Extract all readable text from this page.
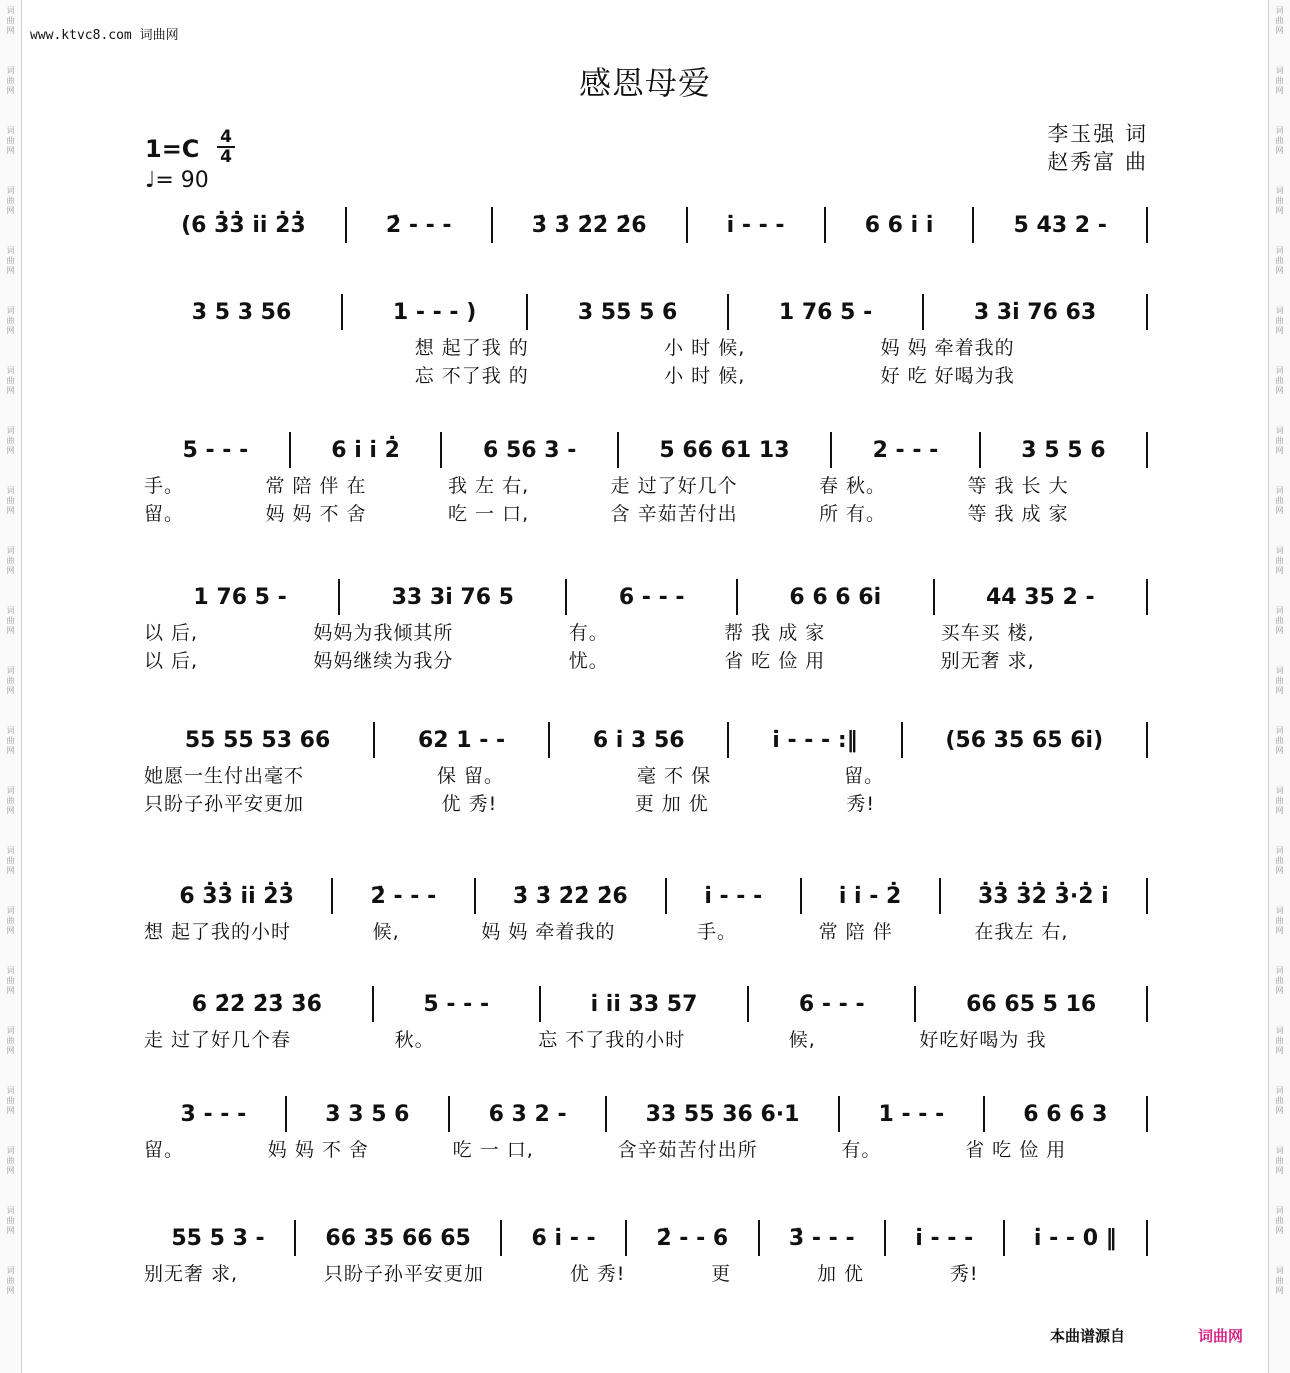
词
曲
网
词
曲
网
词
曲
网
词
曲
网
词
曲
网
词
曲
网
词
曲
网
词
曲
网
词
曲
网
词
曲
网
词
曲
网
词
曲
网
词
曲
网
词
曲
网
词
曲
网
词
曲
网
词
曲
网
词
曲
网
词
曲
网
词
曲
网
词
曲
网
词
曲
网
词
曲
网
词
曲
网
词
曲
网
词
曲
网
词
曲
网
词
曲
网
词
曲
网
词
曲
网
词
曲
网
词
曲
网
词
曲
网
词
曲
网
词
曲
网
词
曲
网
词
曲
网
词
曲
网
词
曲
网
词
曲
网
词
曲
网
词
曲
网
词
曲
网
词
曲
网
www.ktvc8.com 词曲网
感恩母爱
1=C 4
4
♩= 90
李玉强 词
赵秀富 曲
(6 3̇3̇ i̇i̇ 2̇3̇	2̇ - - -	3̇ 3̇ 2̇2̇ 2̇6	i̇ - - -	6 6 i̇ i̇	5 43 2 -
3 5 3 56	1 - - - )	3 55 5 6	1 76 5 -	3 3i̇ 76 63
想 起了我 的	小 时 候,	妈 妈 牵着我的
忘 不了我 的	小 时 候,	好 吃 好喝为我
5 - - -	6 i̇ i̇ 2̇	6 56 3 -	5 66 61 13	2 - - -	3 5 5 6
手。	常 陪 伴 在	我 左 右,	走 过了好几个	春 秋。	等 我 长 大
留。	妈 妈 不 舍	吃 一 口,	含 辛茹苦付出	所 有。	等 我 成 家
1 76 5 -	33 3i̇ 76 5	6 - - -	6 6 6 6i̇	44 35 2 -
以 后,	妈妈为我倾其所	有。	帮 我 成 家	买车买 楼,
以 后,	妈妈继续为我分	忧。	省 吃 俭 用	别无奢 求,
55 55 53 66	62 1 - -	6 i̇ 3 56	i̇ - - - :‖	(56 35 65 6i̇)
她愿一生付出毫不	保 留。	毫 不 保	留。
只盼子孙平安更加	优 秀!	更 加 优	秀!
6 3̇3̇ i̇i̇ 2̇3̇	2̇ - - -	3̇ 3̇ 2̇2̇ 2̇6	i̇ - - -	i̇ i̇ - 2̇	3̇3̇ 3̇2̇ 3̇·2̇ i̇
想 起了我的小时	候,	妈 妈 牵着我的	手。	常 陪 伴	在我左 右,
6 2̇2̇ 2̇3̇ 3̇6̇	5 - - -	i̇ i̇i̇ 33 57	6 - - -	66 65 5 16
走 过了好几个春	秋。	忘 不了我的小时	候,	好吃好喝为 我
3 - - -	3 3 5 6	6 3 2 -	33 55 36 6·1	1 - - -	6 6 6 3
留。	妈 妈 不 舍	吃 一 口,	含辛茹苦付出所	有。	省 吃 俭 用
55 5 3 -	66 35 66 65	6 i̇ - -	2̇ - - 6	3̇ - - -	i̇ - - -	i̇ - - 0 ‖
别无奢 求,	只盼子孙平安更加	优 秀!	更	加 优	秀!
本曲谱源自	词曲网
